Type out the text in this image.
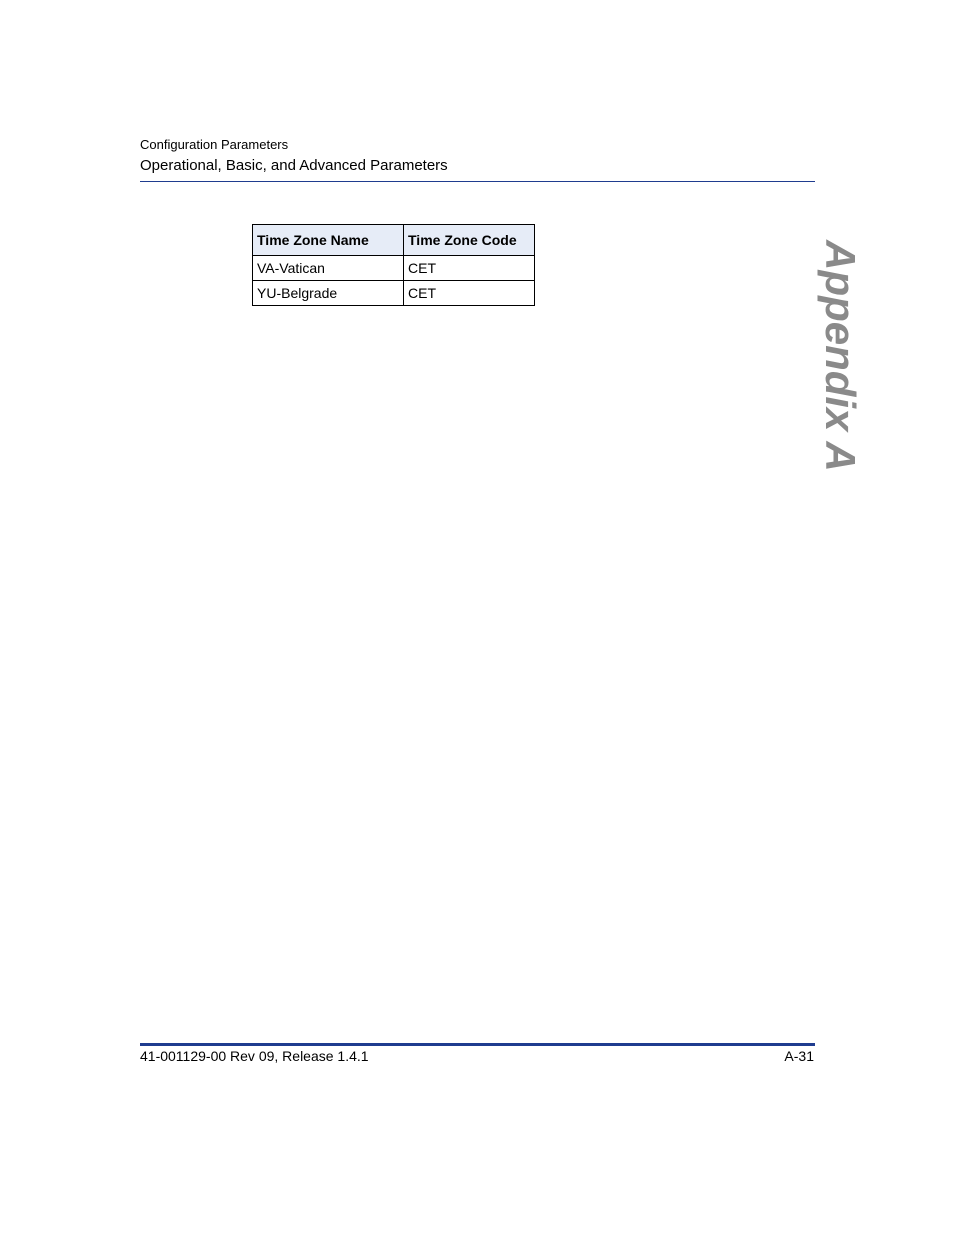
Configuration Parameters
Operational, Basic, and Advanced Parameters
Time Zone Name	Time Zone Code
VA-Vatican	CET
YU-Belgrade	CET	Appendix A
41-001129-00 Rev 09, Release 1.4.1	A-31
